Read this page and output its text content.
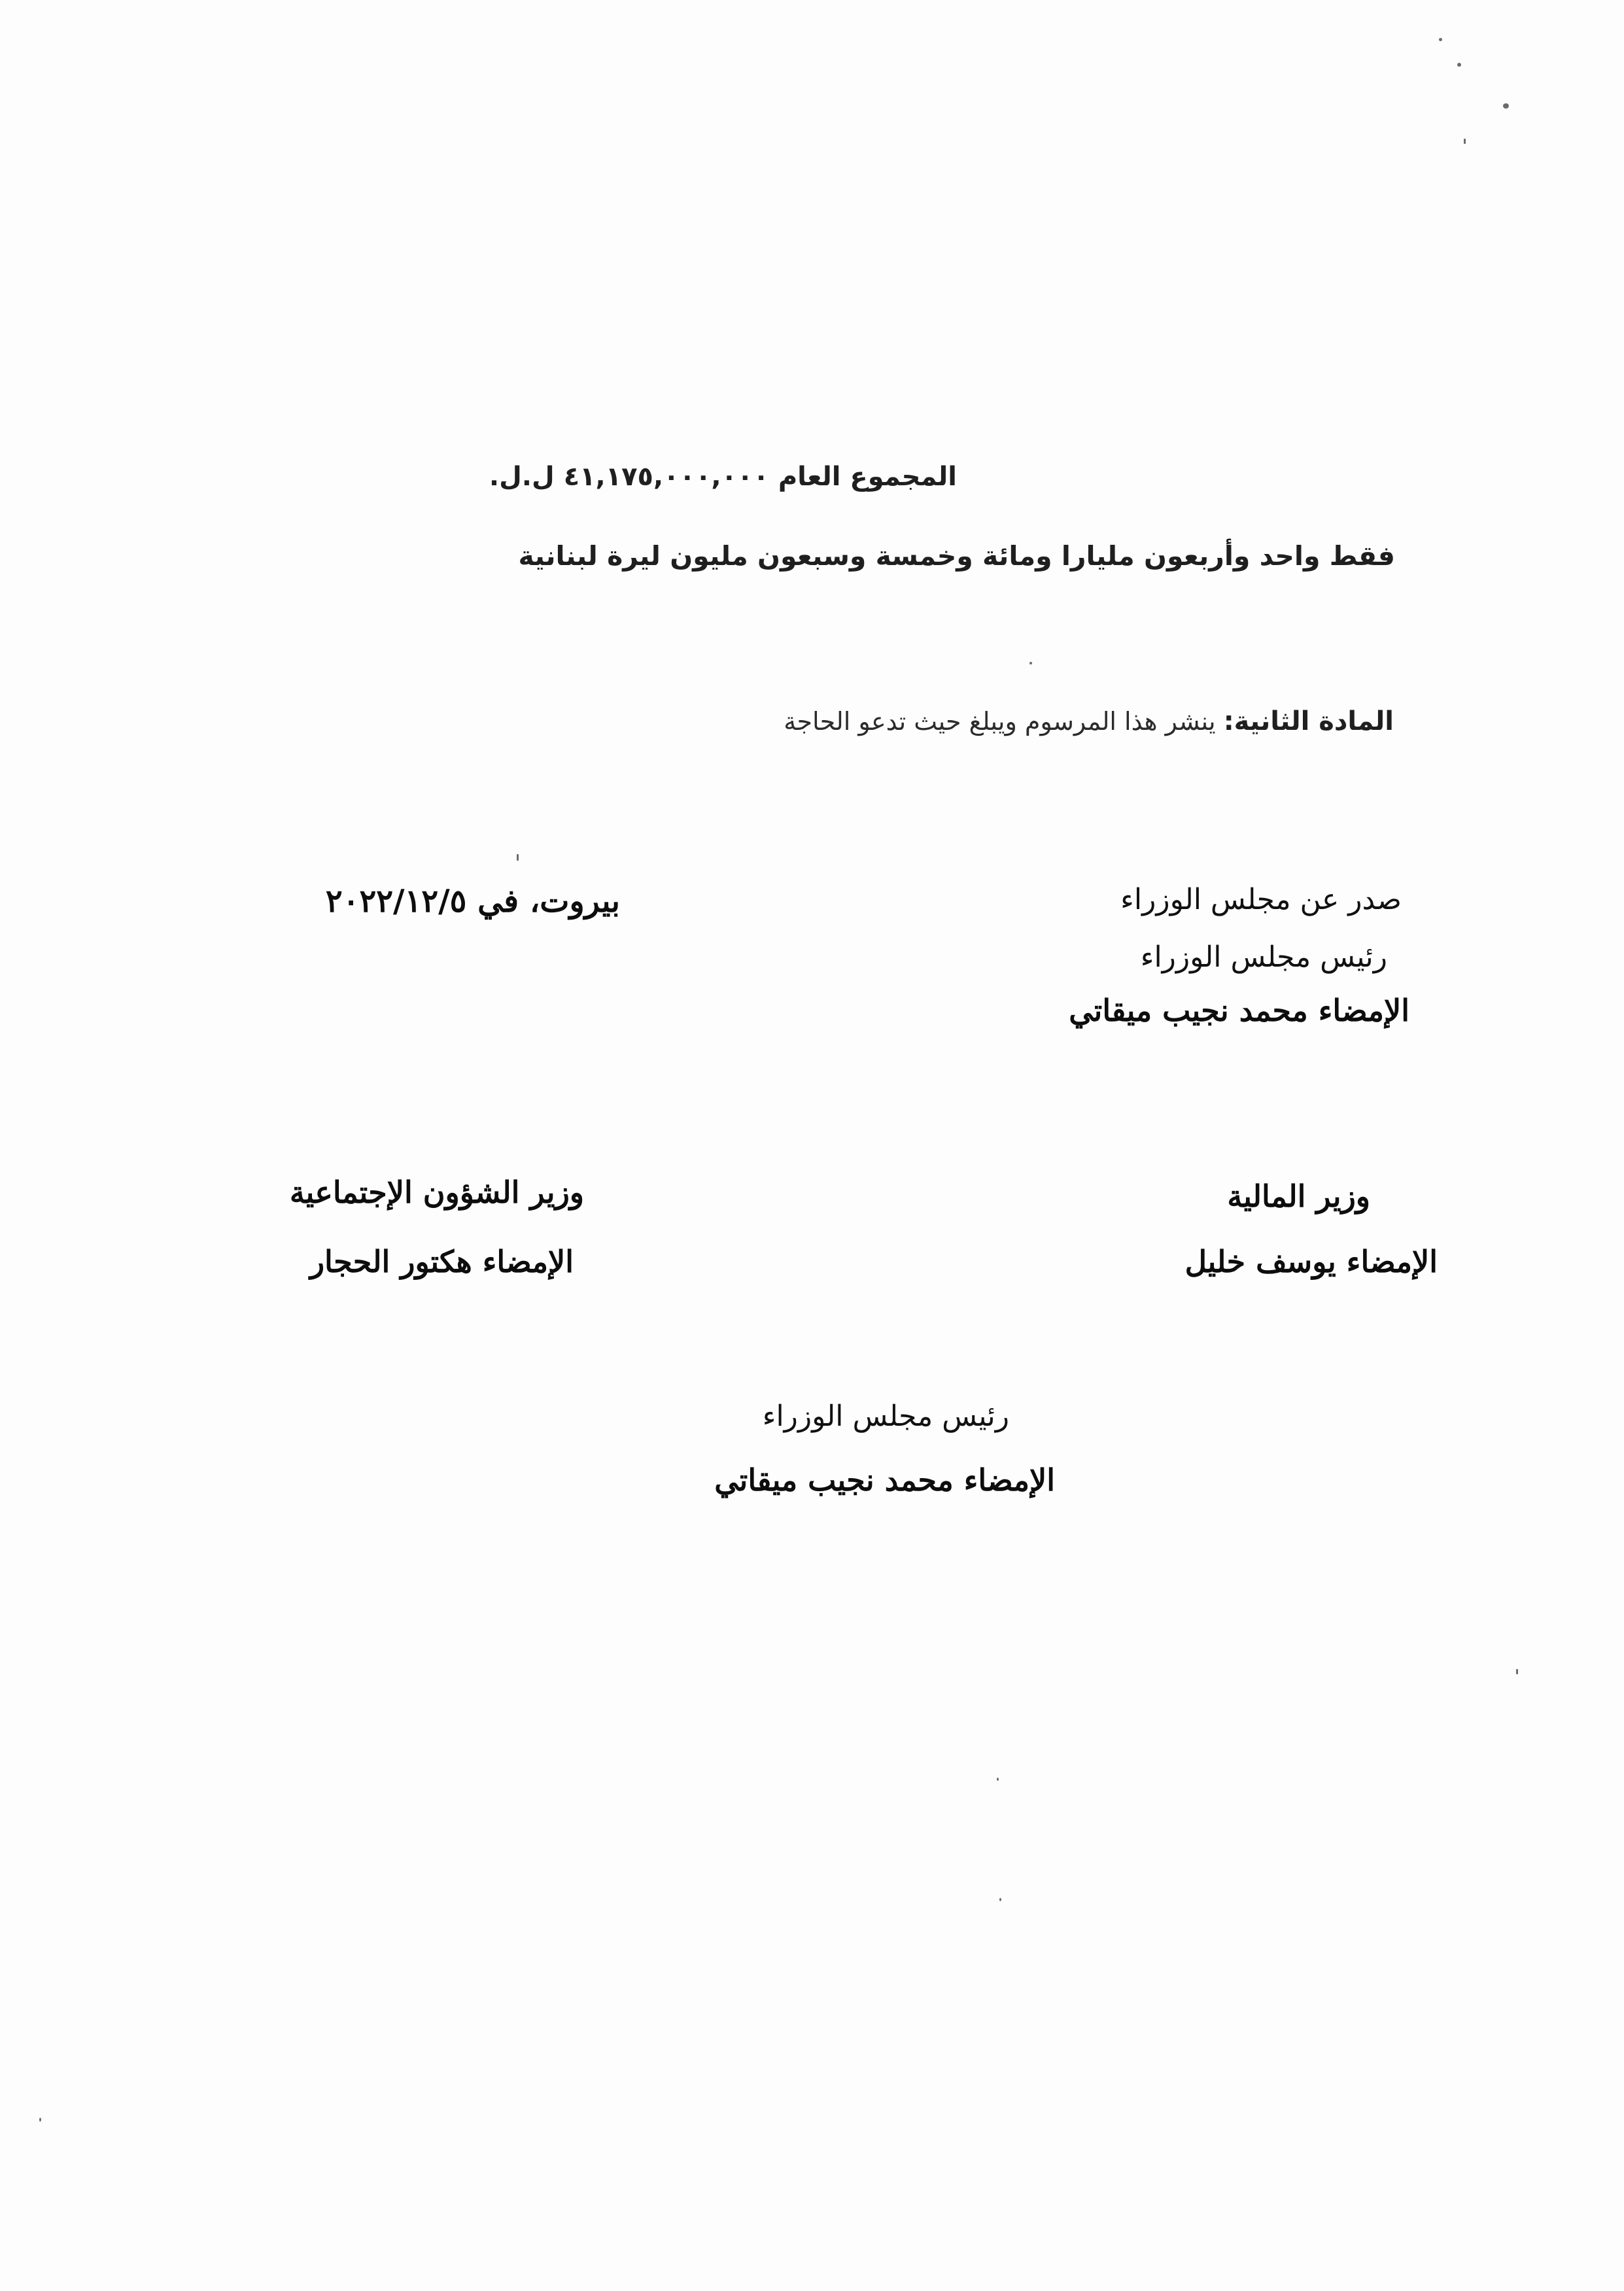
المجموع العام٤١,١٧٥,٠٠٠,٠٠٠ل.ل.
فقط واحد وأربعون مليارا ومائة وخمسة وسبعون مليون ليرة لبنانية
المادة الثانية: ينشر هذا المرسوم ويبلغ حيث تدعو الحاجة
بيروت، في ٢٠٢٢/١٢/٥	صدر عن مجلس الوزراء
رئيس مجلس الوزراء
الإمضاء محمد نجيب ميقاتي
وزير المالية
الإمضاء يوسف خليل
وزير الشؤون الإجتماعية
الإمضاء هكتور الحجار
رئيس مجلس الوزراء
الإمضاء محمد نجيب ميقاتي
